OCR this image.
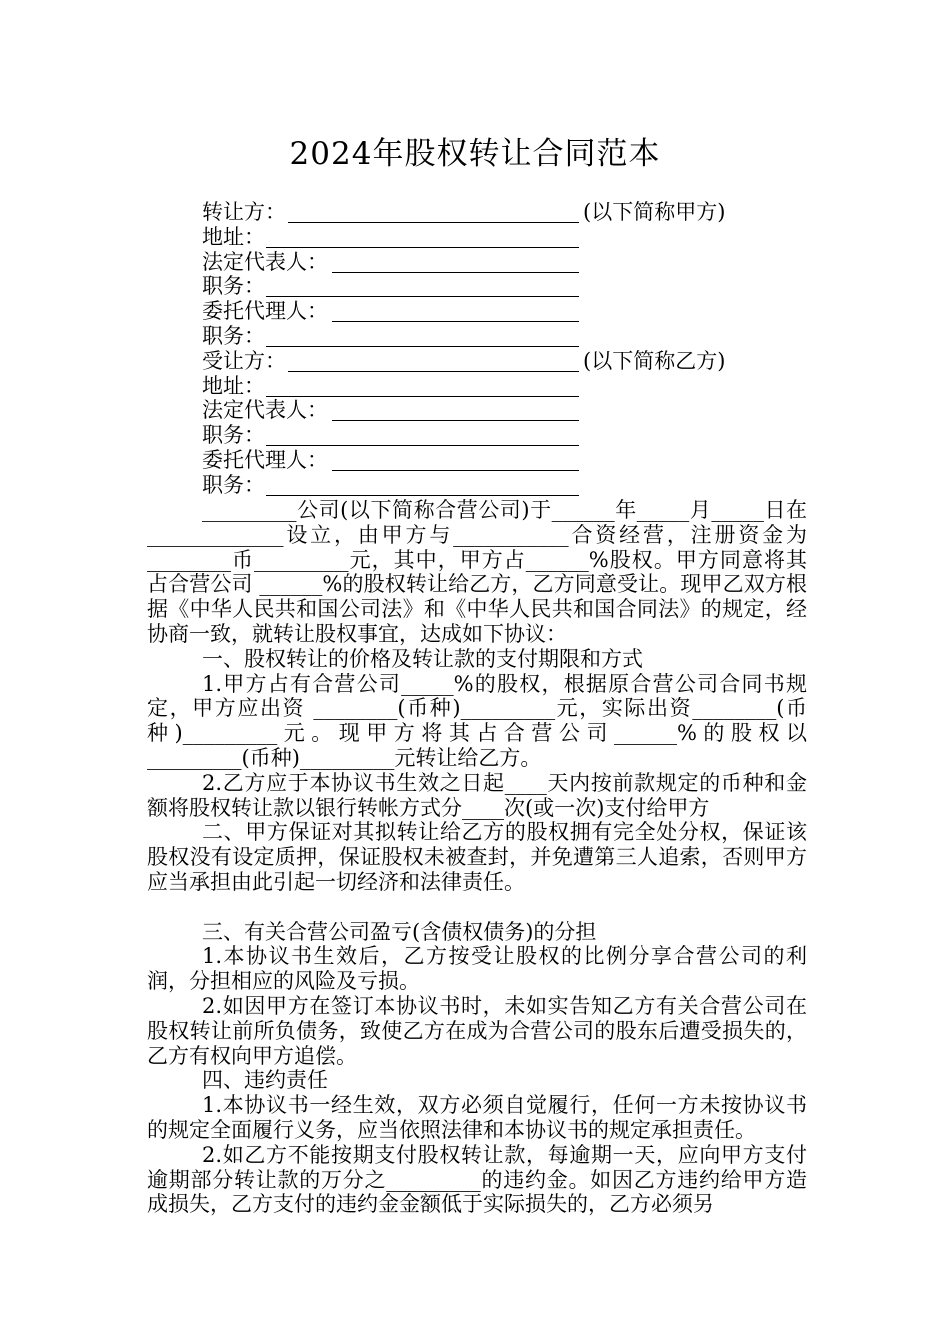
2024年股权转让合同范本
转让方：	(以下简称甲方)
地址：
法定代表人：
职务：
委托代理人：
职务：
受让方：	(以下简称乙方)
地址：
法定代表人：
职务：
委托代理人：
职务：

_________公司(以下简称合营公司)于______年_____月_____日在_____________设立，由甲方与___________合资经营，注册资金为________币_________元，其中，甲方占______%股权。甲方同意将其占合营公司 ______%的股权转让给乙方，乙方同意受让。现甲乙双方根据《中华人民共和国公司法》和《中华人民共和国合同法》的规定，经协商一致，就转让股权事宜，达成如下协议：

一、股权转让的价格及转让款的支付期限和方式

1.甲方占有合营公司_____%的股权，根据原合营公司合同书规定，甲方应出资 ________(币种)_________元，实际出资________(币种)_________元。现甲方将其占合营公司______%的股权以 _________(币种)_________元转让给乙方。

2.乙方应于本协议书生效之日起____天内按前款规定的币种和金额将股权转让款以银行转帐方式分____次(或一次)支付给甲方

二、甲方保证对其拟转让给乙方的股权拥有完全处分权，保证该股权没有设定质押，保证股权未被查封，并免遭第三人追索，否则甲方应当承担由此引起一切经济和法律责任。

三、有关合营公司盈亏(含债权债务)的分担

1.本协议书生效后，乙方按受让股权的比例分享合营公司的利润，分担相应的风险及亏损。

2.如因甲方在签订本协议书时，未如实告知乙方有关合营公司在股权转让前所负债务，致使乙方在成为合营公司的股东后遭受损失的，乙方有权向甲方追偿。

四、违约责任

1.本协议书一经生效，双方必须自觉履行，任何一方未按协议书的规定全面履行义务，应当依照法律和本协议书的规定承担责任。

2.如乙方不能按期支付股权转让款，每逾期一天，应向甲方支付逾期部分转让款的万分之_________的违约金。如因乙方违约给甲方造成损失，乙方支付的违约金金额低于实际损失的，乙方必须另
